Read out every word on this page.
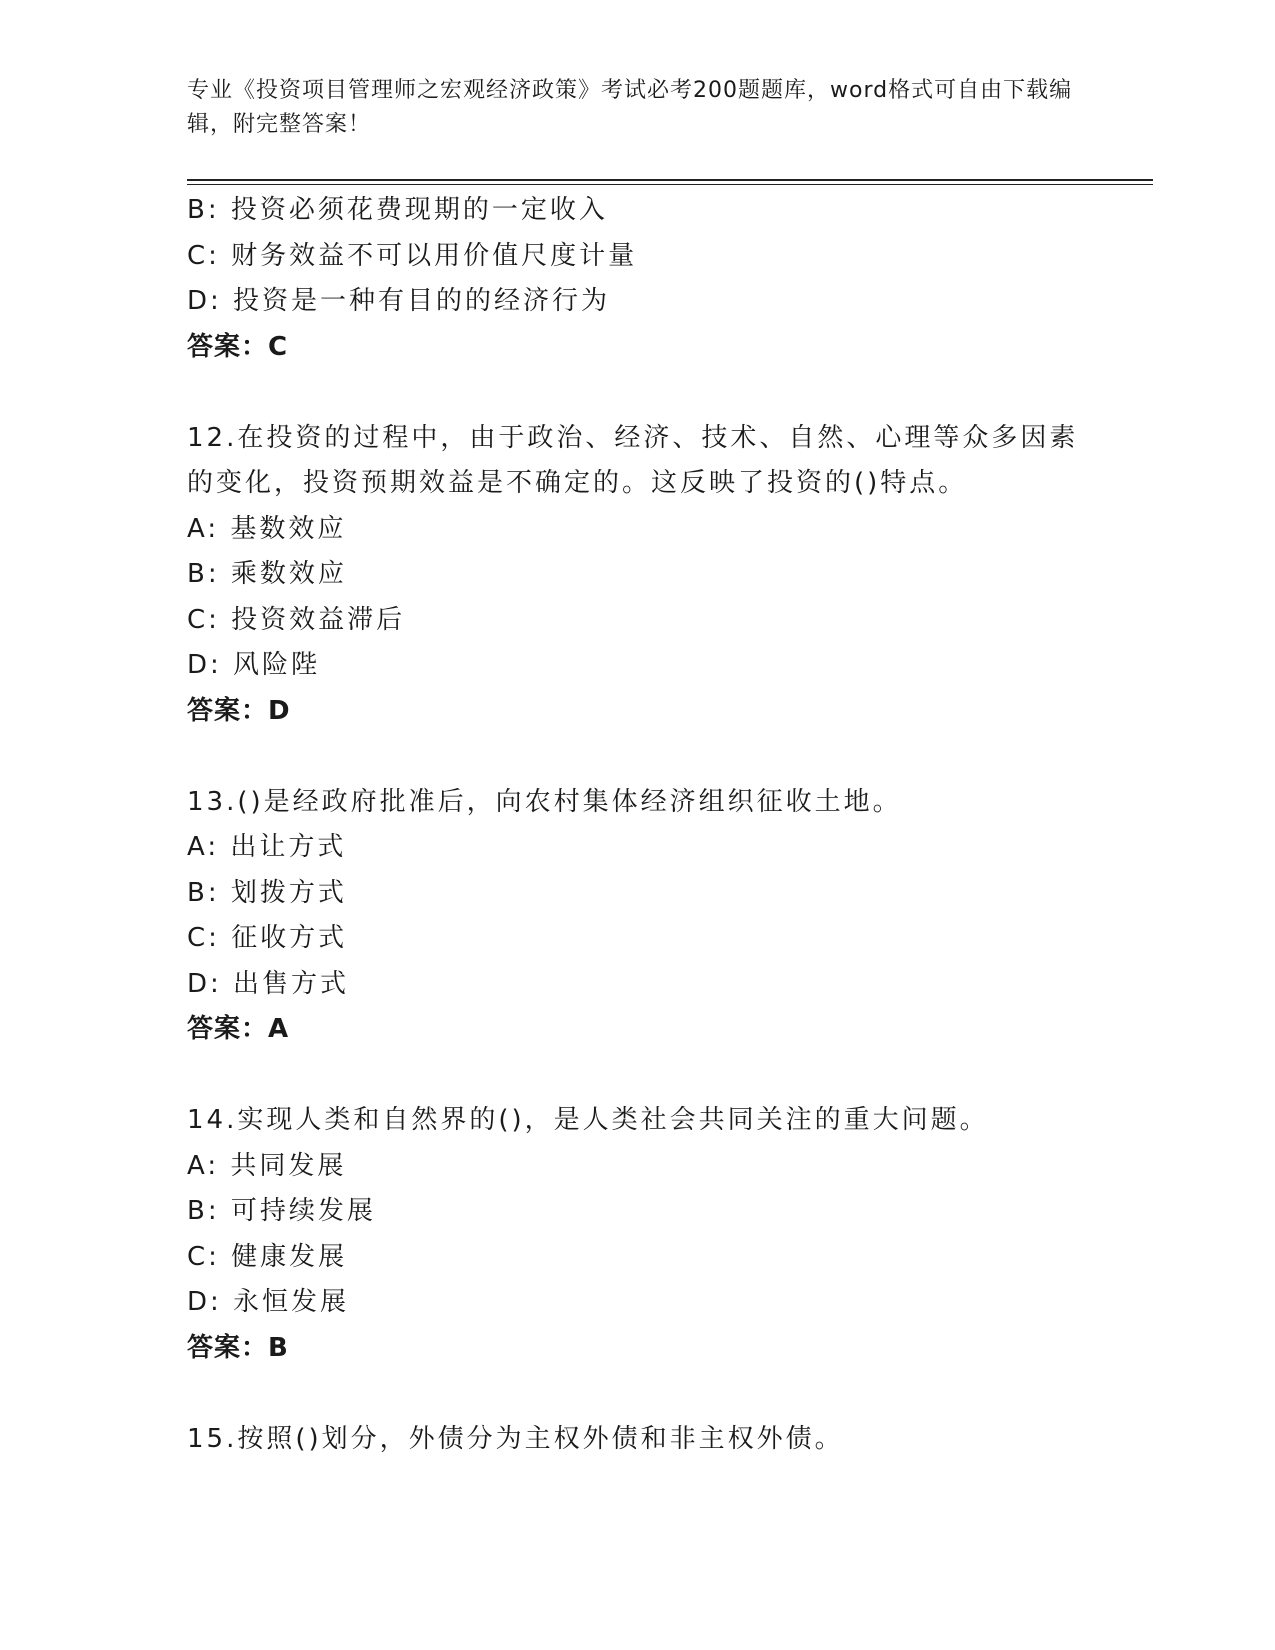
专业《投资项目管理师之宏观经济政策》考试必考200题题库，word格式可自由下载编辑，附完整答案！
B: 投资必须花费现期的一定收入
C: 财务效益不可以用价值尺度计量
D: 投资是一种有目的的经济行为
答案：C
12.在投资的过程中，由于政治、经济、技术、自然、心理等众多因素的变化，投资预期效益是不确定的。这反映了投资的()特点。
A: 基数效应
B: 乘数效应
C: 投资效益滞后
D: 风险陛
答案：D
13.()是经政府批准后，向农村集体经济组织征收土地。
A: 出让方式
B: 划拨方式
C: 征收方式
D: 出售方式
答案：A
14.实现人类和自然界的()，是人类社会共同关注的重大问题。
A: 共同发展
B: 可持续发展
C: 健康发展
D: 永恒发展
答案：B
15.按照()划分，外债分为主权外债和非主权外债。
